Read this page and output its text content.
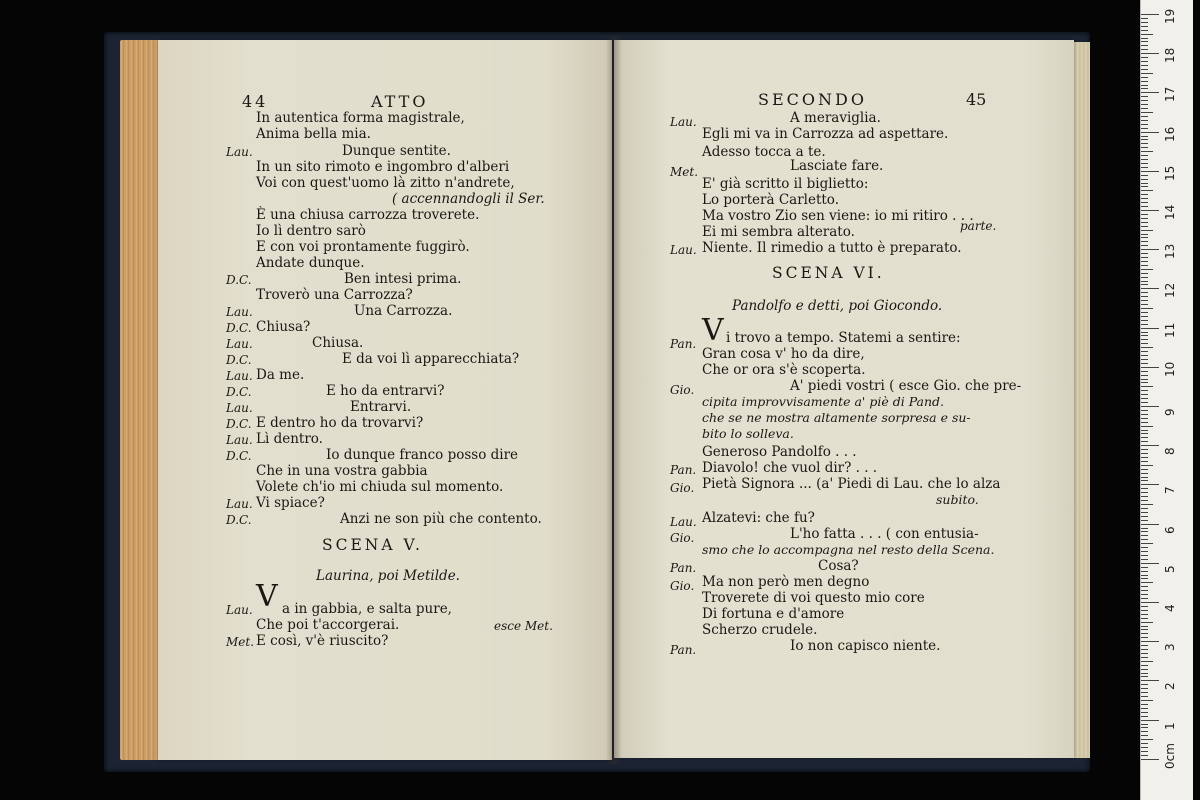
44	ATTO
In autentica forma magistrale,
Anima bella mia.
Lau.	Dunque sentite.
In un sito rimoto e ingombro d'alberi
Voi con quest'uomo là zitto n'andrete,
( accennandogli il Ser.
È una chiusa carrozza troverete.
Io lì dentro sarò
E con voi prontamente fuggirò.
Andate dunque.
D.C.	Ben intesi prima.
Troverò una Carrozza?
Lau.	Una Carrozza.
D.C. Chiusa?
Lau.	Chiusa.
D.C.	E da voi lì apparecchiata?
Lau. Da me.
D.C.	E ho da entrarvi?
Lau.	Entrarvi.
D.C. E dentro ho da trovarvi?
Lau. Lì dentro.
D.C.	Io dunque franco posso dire
Che in una vostra gabbia
Volete ch'io mi chiuda sul momento.
Lau. Vi spiace?
D.C.	Anzi ne son più che contento.
SCENA V.
Laurina, poi Metilde.
Lau. V a in gabbia, e salta pure,
Che poi t'accorgerai.	esce Met.
Met. E così, v'è riuscito?
SECONDO	45
Lau.	A meraviglia.
Egli mi va in Carrozza ad aspettare.
Adesso tocca a te.
Met.	Lasciate fare.
E' già scritto il biglietto:
Lo porterà Carletto.
Ma vostro Zio sen viene: io mi ritiro . . .
Ei mi sembra alterato.	parte.
Lau. Niente. Il rimedio a tutto è preparato.
SCENA VI.
Pandolfo e detti, poi Giocondo.
Pan. V i trovo a tempo. Statemi a sentire:
Gran cosa v' ho da dire,
Che or ora s'è scoperta.
Gio.	A' piedi vostri ( esce Gio. che pre-
cipita improvvisamente a' piè di Pand.
che se ne mostra altamente sorpresa e su-
bito lo solleva.
Generoso Pandolfo . . .
Pan. Diavolo! che vuol dir? . . .
Gio. Pietà Signora ... (a' Piedi di Lau. che lo alza
subito.
Lau. Alzatevi: che fu?
Gio.	L'ho fatta . . . ( con entusia-
smo che lo accompagna nel resto della Scena.
Pan.	Cosa?
Gio. Ma non però men degno
Troverete di voi questo mio core
Di fortuna e d'amore
Scherzo crudele.
Pan.	Io non capisco niente.
19
18
17
16
15
14
13
12
11
10
9
8
7
6
5
4
3
2
1
0cm
